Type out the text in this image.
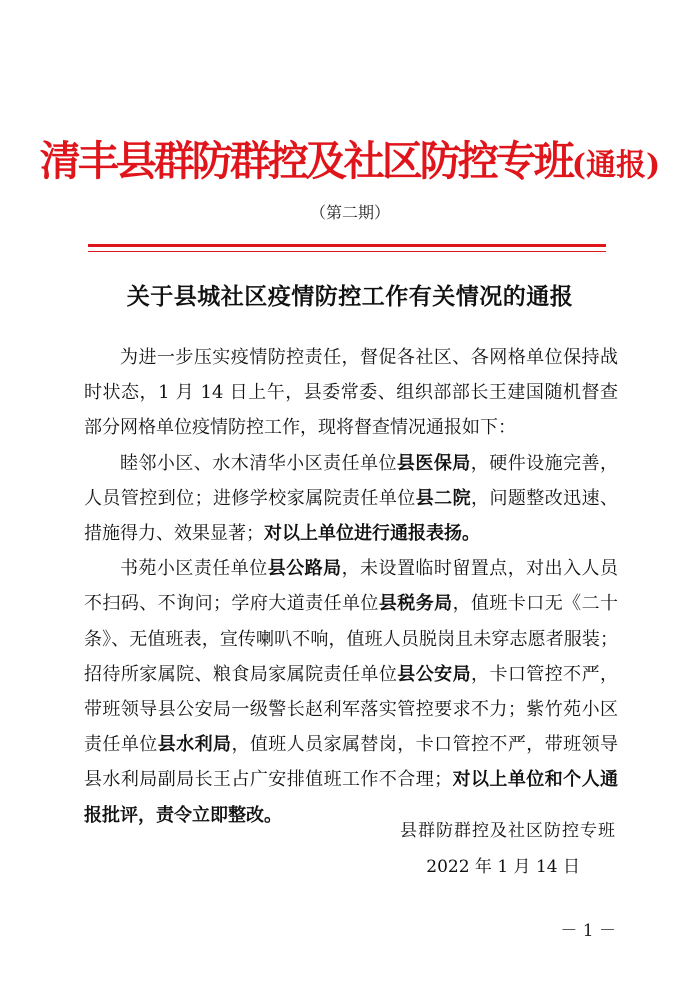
清丰县群防群控及社区防控专班(通报)
（第二期）
关于县城社区疫情防控工作有关情况的通报

为进一步压实疫情防控责任，督促各社区、各网格单位保持战时状态，1 月 14 日上午，县委常委、组织部部长王建国随机督查部分网格单位疫情防控工作，现将督查情况通报如下：

睦邻小区、水木清华小区责任单位县医保局，硬件设施完善，人员管控到位；进修学校家属院责任单位县二院，问题整改迅速、措施得力、效果显著；对以上单位进行通报表扬。

书苑小区责任单位县公路局，未设置临时留置点，对出入人员不扫码、不询问；学府大道责任单位县税务局，值班卡口无《二十条》、无值班表，宣传喇叭不响，值班人员脱岗且未穿志愿者服装；招待所家属院、粮食局家属院责任单位县公安局，卡口管控不严，带班领导县公安局一级警长赵利军落实管控要求不力；紫竹苑小区责任单位县水利局，值班人员家属替岗，卡口管控不严，带班领导县水利局副局长王占广安排值班工作不合理；对以上单位和个人通报批评，责令立即整改。

县群防群控及社区防控专班
2022 年 1 月 14 日
－ 1 －
